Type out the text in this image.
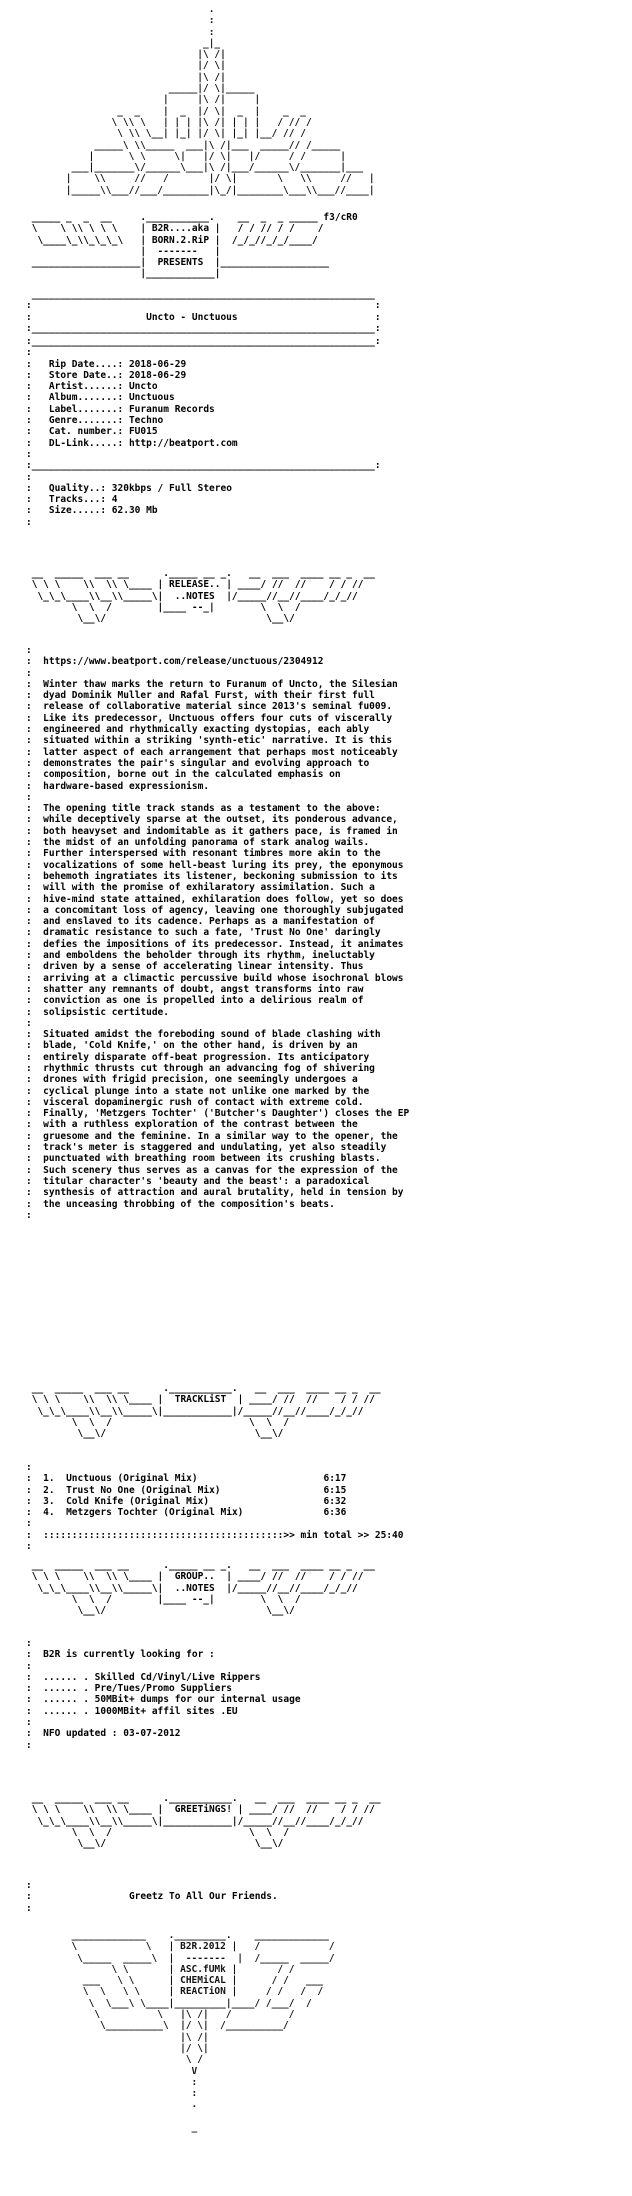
.
:
:
_|_
|\ /|
|/ \|
|\ /|
_____|/ \|_____
|     |\ /|     |
_  _    |  _  |/ \|  _  |    _  _
\ \\ \   | | | |\ /| | | |   / // /
\ \\ \__| |_| |/ \| |_| |__/ // /
_____\ \\_____  ___|\ /|___  _____// /_____
|      \ \     \|   |/ \|   |/     / /      |
___|_______\/______\___|\ /|___/______\/_______|___
|    \\     //   /       |/ \|       \   \\     //   |
|_____\\___//___/________|\_/|________\___\\___//____|

_____ _  _  __     .___________.    __  _  _ _____ f3/cR0
\    \ \\ \ \ \    | B2R....aka |   / / // / /    /
\____\_\\_\_\_\   | BORN.2.RiP |  /_/_//_/_/____/
|  -------   |
___________________|  PRESENTS  |___________________
|____________|

____________________________________________________________
:                                                            :
:	Uncto - Unctuous	:
:____________________________________________________________:

:____________________________________________________________:
:
:   Rip Date....: 2018-06-29
:   Store Date..: 2018-06-29
:   Artist......: Uncto
:   Album.......: Unctuous
:   Label.......: Furanum Records
:   Genre.......: Techno
:   Cat. number.: FU015
:   DL-Link.....: http://beatport.com
:
:____________________________________________________________:
:
:   Quality..: 320kbps / Full Stereo
:   Tracks...: 4
:   Size.....: 62.30 Mb
:

__  _____  ___ __      ._____ __ _.   __  ___  ____ __ _  __
\ \ \    \\  \\ \____ | RELEASE.. | ____/ //  //    / / //
\_\_\____\\__\\_____\|  ..NOTES  |/_____//__//____/_/_//
\  \  /        |____ --_|        \  \  /
\__\/                            \__\/

:
:  https://www.beatport.com/release/unctuous/2304912
:
:  Winter thaw marks the return to Furanum of Uncto, the Silesian
:  dyad Dominik Muller and Rafal Furst, with their first full
:  release of collaborative material since 2013's seminal fu009.
:  Like its predecessor, Unctuous offers four cuts of viscerally
:  engineered and rhythmically exacting dystopias, each ably
:  situated within a striking 'synth-etic' narrative. It is this
:  latter aspect of each arrangement that perhaps most noticeably
:  demonstrates the pair's singular and evolving approach to
:  composition, borne out in the calculated emphasis on
:  hardware-based expressionism.
:
:  The opening title track stands as a testament to the above:
:  while deceptively sparse at the outset, its ponderous advance,
:  both heavyset and indomitable as it gathers pace, is framed in
:  the midst of an unfolding panorama of stark analog wails.
:  Further interspersed with resonant timbres more akin to the
:  vocalizations of some hell-beast luring its prey, the eponymous
:  behemoth ingratiates its listener, beckoning submission to its
:  will with the promise of exhilaratory assimilation. Such a
:  hive-mind state attained, exhilaration does follow, yet so does
:  a concomitant loss of agency, leaving one thoroughly subjugated
:  and enslaved to its cadence. Perhaps as a manifestation of
:  dramatic resistance to such a fate, 'Trust No One' daringly
:  defies the impositions of its predecessor. Instead, it animates
:  and emboldens the beholder through its rhythm, ineluctably
:  driven by a sense of accelerating linear intensity. Thus
:  arriving at a climactic percussive build whose isochronal blows
:  shatter any remnants of doubt, angst transforms into raw
:  conviction as one is propelled into a delirious realm of
:  solipsistic certitude.
:
:  Situated amidst the foreboding sound of blade clashing with
:  blade, 'Cold Knife,' on the other hand, is driven by an
:  entirely disparate off-beat progression. Its anticipatory
:  rhythmic thrusts cut through an advancing fog of shivering
:  drones with frigid precision, one seemingly undergoes a
:  cyclical plunge into a state not unlike one marked by the
:  visceral dopaminergic rush of contact with extreme cold.
:  Finally, 'Metzgers Tochter' ('Butcher's Daughter') closes the EP
:  with a ruthless exploration of the contrast between the
:  gruesome and the feminine. In a similar way to the opener, the
:  track's meter is staggered and undulating, yet also steadily
:  punctuated with breathing room between its crushing blasts.
:  Such scenery thus serves as a canvas for the expression of the
:  titular character's 'beauty and the beast': a paradoxical
:  synthesis of attraction and aural brutality, held in tension by
:  the unceasing throbbing of the composition's beats.
:

__  _____  ___ __      .___________.   __  ___  ____ __ _  __
\ \ \    \\  \\ \____ |  TRACKLiST  | ____/ //  //    / / //
\_\_\____\\__\\_____\|____________|/_____//__//____/_/_//
\  \  /                        \  \  /
\__\/                          \__\/

:
:  1. Unctuous (Original Mix)	6:17
:  2. Trust No One (Original Mix)	6:15
:  3. Cold Knife (Original Mix)	6:32
:  4. Metzgers Tochter (Original Mix)	6:36
:
:  ::::::::::::::::::::::::::::::::::::::::::>> min total >> 25:40
:

__  _____  ___ __      ._____ __ _.   __  ___  ____ __ _  __
\ \ \    \\  \\ \____ |  GROUP..  | ____/ //  //    / / //
\_\_\____\\__\\_____\|  ..NOTES  |/_____//__//____/_/_//
\  \  /        |____ --_|        \  \  /
\__\/                            \__\/

:
:  B2R is currently looking for :
:
:  ...... . Skilled Cd/Vinyl/Live Rippers
:  ...... . Pre/Tues/Promo Suppliers
:  ...... . 50MBit+ dumps for our internal usage
:  ...... . 1000MBit+ affil sites .EU
:
:  NFO updated : 03-07-2012
:

__  _____  ___ __      .___________.   __  ___  ____ __ _  __
\ \ \    \\  \\ \____ |  GREETiNGS! | ____/ //  //    / / //
\_\_\____\\__\\_____\|____________|/_____//__//____/_/_//
\  \  /                        \  \  /
\__\/                          \__\/

:
:	Greetz To All Our Friends.
:

_____________    ._________.    _____________
\            \   | B2R.2012 |   /            /
\_____  _____\  |  -------  |  /_____  _____/
\ \       | ASC.fUMk |       / /
___   \ \      | CHEMiCAL |      / /   ___
\  \   \ \     | REACTiON |     / /   /  /
\  \___\ \____|_________|____/ /___/  /
\          \   |\ /|   /          /
\__________\  |/ \|  /__________/
|\ /|
|/ \|
\ /
V
:
:
.

_
